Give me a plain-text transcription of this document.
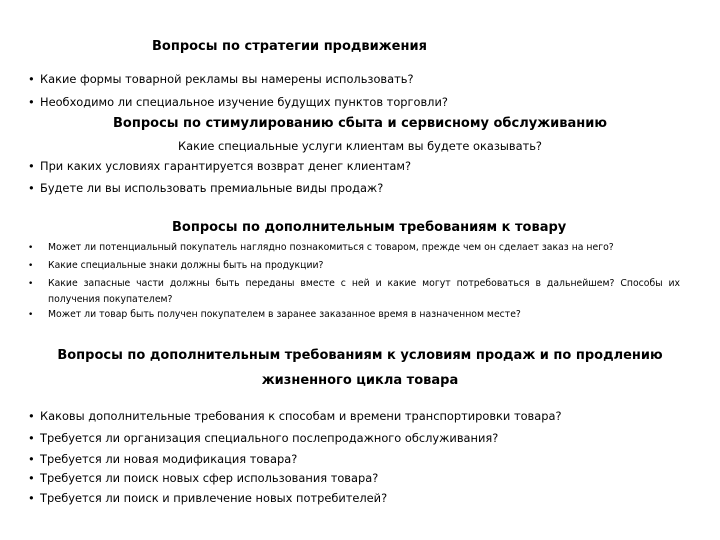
Вопросы по стратегии продвижения
• Какие формы товарной рекламы вы намерены использовать?
• Необходимо ли специальное изучение будущих пунктов торговли?
Вопросы по стимулированию сбыта и сервисному обслуживанию
Какие специальные услуги клиентам вы будете оказывать?
• При каких условиях гарантируется возврат денег клиентам?
• Будете ли вы использовать премиальные виды продаж?
Вопросы по дополнительным требованиям к товару
• Может ли потенциальный покупатель наглядно познакомиться с товаром, прежде чем он сделает заказ на него?
• Какие специальные знаки должны быть на продукции?
• Какие запасные части должны быть переданы вместе с ней и какие могут потребоваться в дальнейшем? Способы их получения покупателем?
• Может ли товар быть получен покупателем в заранее заказанное время в назначенном месте?
Вопросы по дополнительным требованиям к условиям продаж и по продлению
жизненного цикла товара
• Каковы дополнительные требования к способам и времени транспортировки товара?
• Требуется ли организация специального послепродажного обслуживания?
• Требуется ли новая модификация товара?
• Требуется ли поиск новых сфер использования товара?
• Требуется ли поиск и привлечение новых потребителей?
